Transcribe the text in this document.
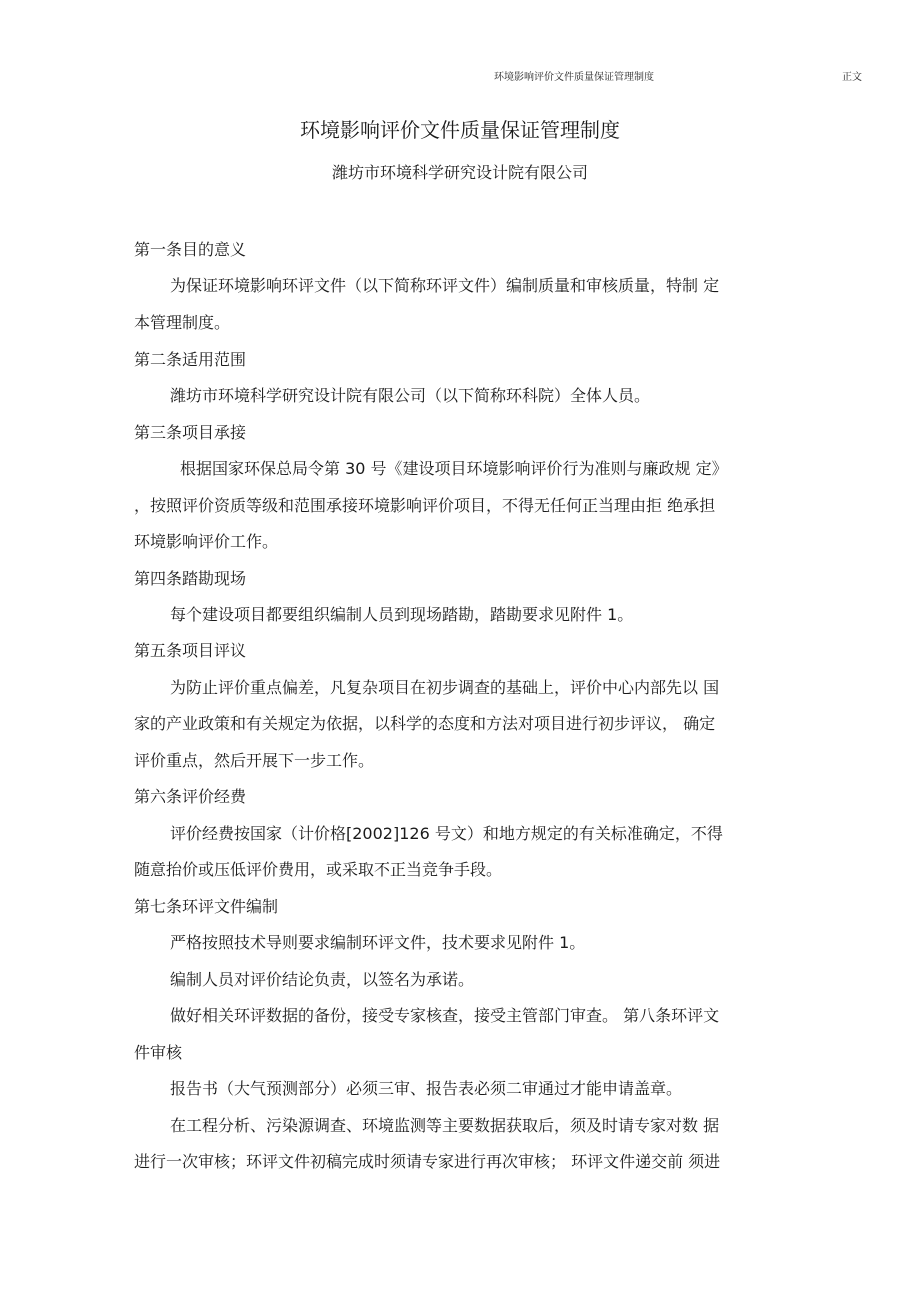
环境影响评价文件质量保证管理制度	正文
环境影响评价文件质量保证管理制度
潍坊市环境科学研究设计院有限公司
第一条目的意义
为保证环境影响环评文件（以下简称环评文件）编制质量和审核质量，特制 定
本管理制度。
第二条适用范围
潍坊市环境科学研究设计院有限公司（以下简称环科院）全体人员。
第三条项目承接
根据国家环保总局令第 30 号《建设项目环境影响评价行为准则与廉政规 定》
，按照评价资质等级和范围承接环境影响评价项目，不得无任何正当理由拒 绝承担
环境影响评价工作。
第四条踏勘现场
每个建设项目都要组织编制人员到现场踏勘，踏勘要求见附件 1。
第五条项目评议
为防止评价重点偏差，凡复杂项目在初步调查的基础上，评价中心内部先以 国
家的产业政策和有关规定为依据，以科学的态度和方法对项目进行初步评议， 确定
评价重点，然后开展下一步工作。
第六条评价经费
评价经费按国家（计价格[2002]126 号文）和地方规定的有关标准确定，不得
随意抬价或压低评价费用，或采取不正当竞争手段。
第七条环评文件编制
严格按照技术导则要求编制环评文件，技术要求见附件 1。
编制人员对评价结论负责，以签名为承诺。
做好相关环评数据的备份，接受专家核查，接受主管部门审查。 第八条环评文
件审核
报告书（大气预测部分）必须三审、报告表必须二审通过才能申请盖章。
在工程分析、污染源调查、环境监测等主要数据获取后，须及时请专家对数 据
进行一次审核；环评文件初稿完成时须请专家进行再次审核； 环评文件递交前 须进
